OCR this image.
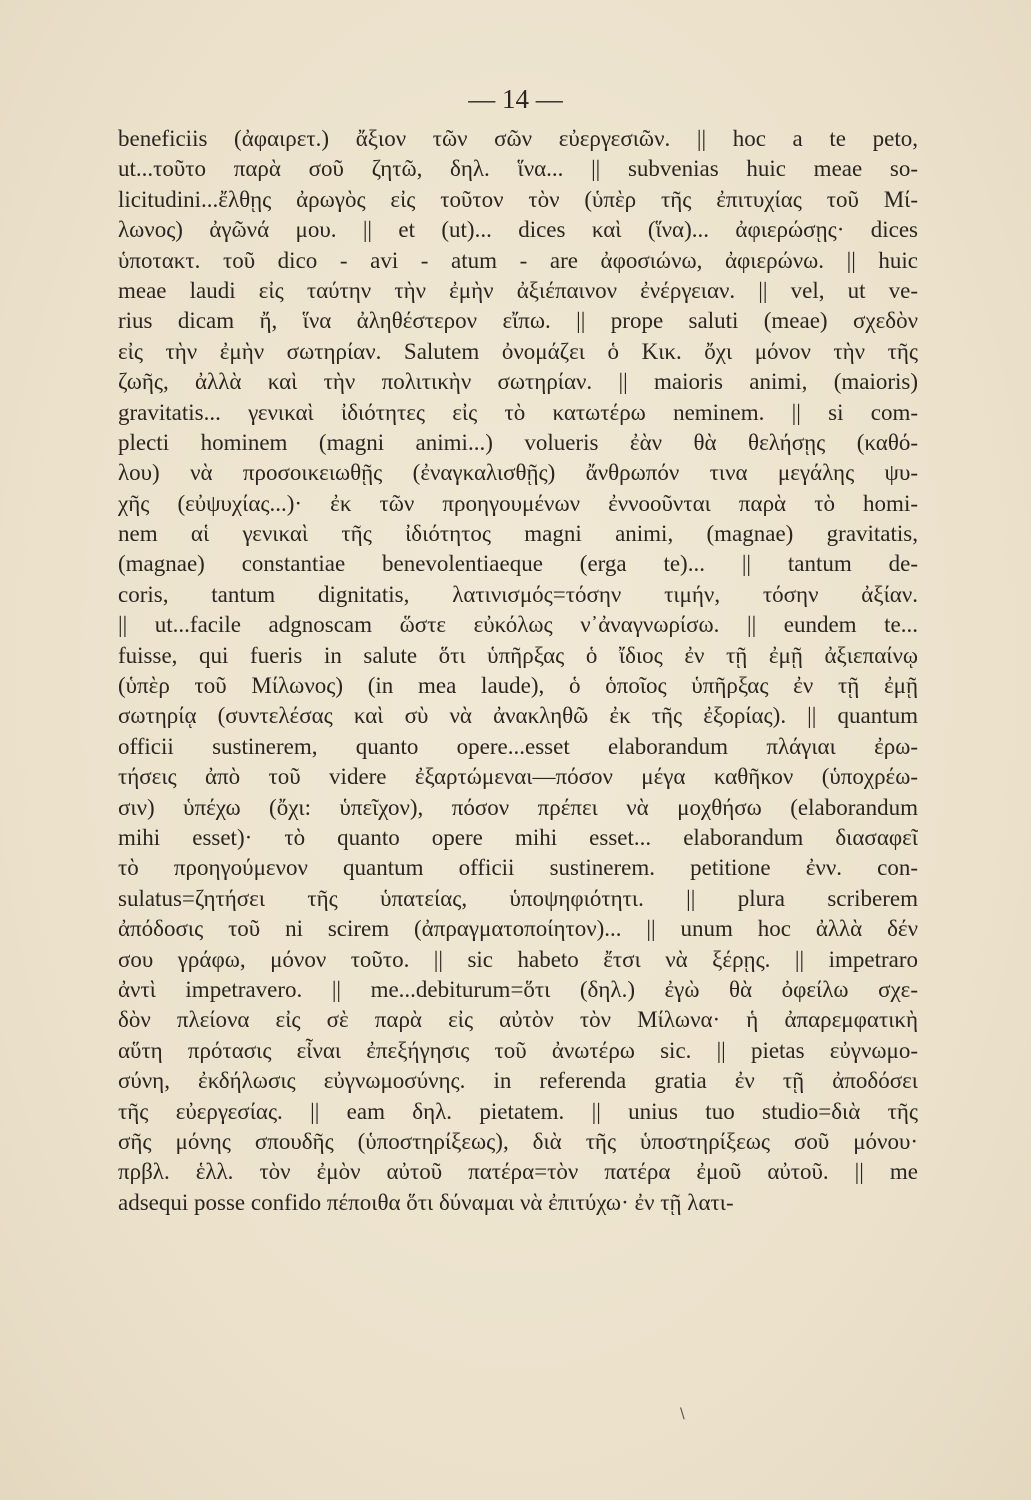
— 14 —
beneficiis (ἀφαιρετ.) ἄξιον τῶν σῶν εὐεργεσιῶν. || hoc a te peto,
ut...τοῦτο παρὰ σοῦ ζητῶ, δηλ. ἵνα... || subvenias huic meae so-
licitudini...ἔλθῃς ἀρωγὸς εἰς τοῦτον τὸν (ὑπὲρ τῆς ἐπιτυχίας τοῦ Μί-
λωνος) ἀγῶνά μου. || et (ut)... dices καὶ (ἵνα)... ἀφιερώσῃς· dices
ὑποτακτ. τοῦ dico - avi - atum - are ἀφοσιώνω, ἀφιερώνω. || huic
meae laudi εἰς ταύτην τὴν ἐμὴν ἀξιέπαινον ἐνέργειαν. || vel, ut ve-
rius dicam ἤ, ἵνα ἀληθέστερον εἴπω. || prope saluti (meae) σχεδὸν
εἰς τὴν ἐμὴν σωτηρίαν. Salutem ὀνομάζει ὁ Κικ. ὄχι μόνον τὴν τῆς
ζωῆς, ἀλλὰ καὶ τὴν πολιτικὴν σωτηρίαν. || maioris animi, (maioris)
gravitatis... γενικαὶ ἰδιότητες εἰς τὸ κατωτέρω neminem. || si com-
plecti hominem (magni animi...) volueris ἐὰν θὰ θελήσῃς (καθό-
λου) νὰ προσοικειωθῇς (ἐναγκαλισθῇς) ἄνθρωπόν τινα μεγάλης ψυ-
χῆς (εὐψυχίας...)· ἐκ τῶν προηγουμένων ἐννοοῦνται παρὰ τὸ homi-
nem αἱ γενικαὶ τῆς ἰδιότητος magni animi, (magnae) gravitatis,
(magnae) constantiae benevolentiaeque (erga te)... || tantum de-
coris, tantum dignitatis, λατινισμός=τόσην τιμήν, τόσην ἀξίαν.
|| ut...facile adgnoscam ὥστε εὐκόλως ν᾽ἀναγνωρίσω. || eundem te...
fuisse, qui fueris in salute ὅτι ὑπῆρξας ὁ ἴδιος ἐν τῇ ἐμῇ ἀξιεπαίνῳ
(ὑπὲρ τοῦ Μίλωνος) (in mea laude), ὁ ὁποῖος ὑπῆρξας ἐν τῇ ἐμῇ
σωτηρίᾳ (συντελέσας καὶ σὺ νὰ ἀνακληθῶ ἐκ τῆς ἐξορίας). || quantum
officii sustinerem, quanto opere...esset elaborandum πλάγιαι ἐρω-
τήσεις ἀπὸ τοῦ videre ἐξαρτώμεναι—πόσον μέγα καθῆκον (ὑποχρέω-
σιν) ὑπέχω (ὄχι: ὑπεῖχον), πόσον πρέπει νὰ μοχθήσω (elaborandum
mihi esset)· τὸ quanto opere mihi esset... elaborandum διασαφεῖ
τὸ προηγούμενον quantum officii sustinerem. petitione ἐνν. con-
sulatus=ζητήσει τῆς ὑπατείας, ὑποψηφιότητι. || plura scriberem
ἀπόδοσις τοῦ ni scirem (ἀπραγματοποίητον)... || unum hoc ἀλλὰ δέν
σου γράφω, μόνον τοῦτο. || sic habeto ἔτσι νὰ ξέρῃς. || impetraro
ἀντὶ impetravero. || me...debiturum=ὅτι (δηλ.) ἐγὼ θὰ ὀφείλω σχε-
δὸν πλείονα εἰς σὲ παρὰ εἰς αὐτὸν τὸν Μίλωνα· ἡ ἀπαρεμφατικὴ
αὕτη πρότασις εἶναι ἐπεξήγησις τοῦ ἀνωτέρω sic. || pietas εὐγνωμο-
σύνη, ἐκδήλωσις εὐγνωμοσύνης. in referenda gratia ἐν τῇ ἀποδόσει
τῆς εὐεργεσίας. || eam δηλ. pietatem. || unius tuo studio=διὰ τῆς
σῆς μόνης σπουδῆς (ὑποστηρίξεως), διὰ τῆς ὑποστηρίξεως σοῦ μόνου·
πρβλ. ἑλλ. τὸν ἐμὸν αὐτοῦ πατέρα=τὸν πατέρα ἐμοῦ αὐτοῦ. || me
adsequi posse confido πέποιθα ὅτι δύναμαι νὰ ἐπιτύχω· ἐν τῇ λατι-
\
